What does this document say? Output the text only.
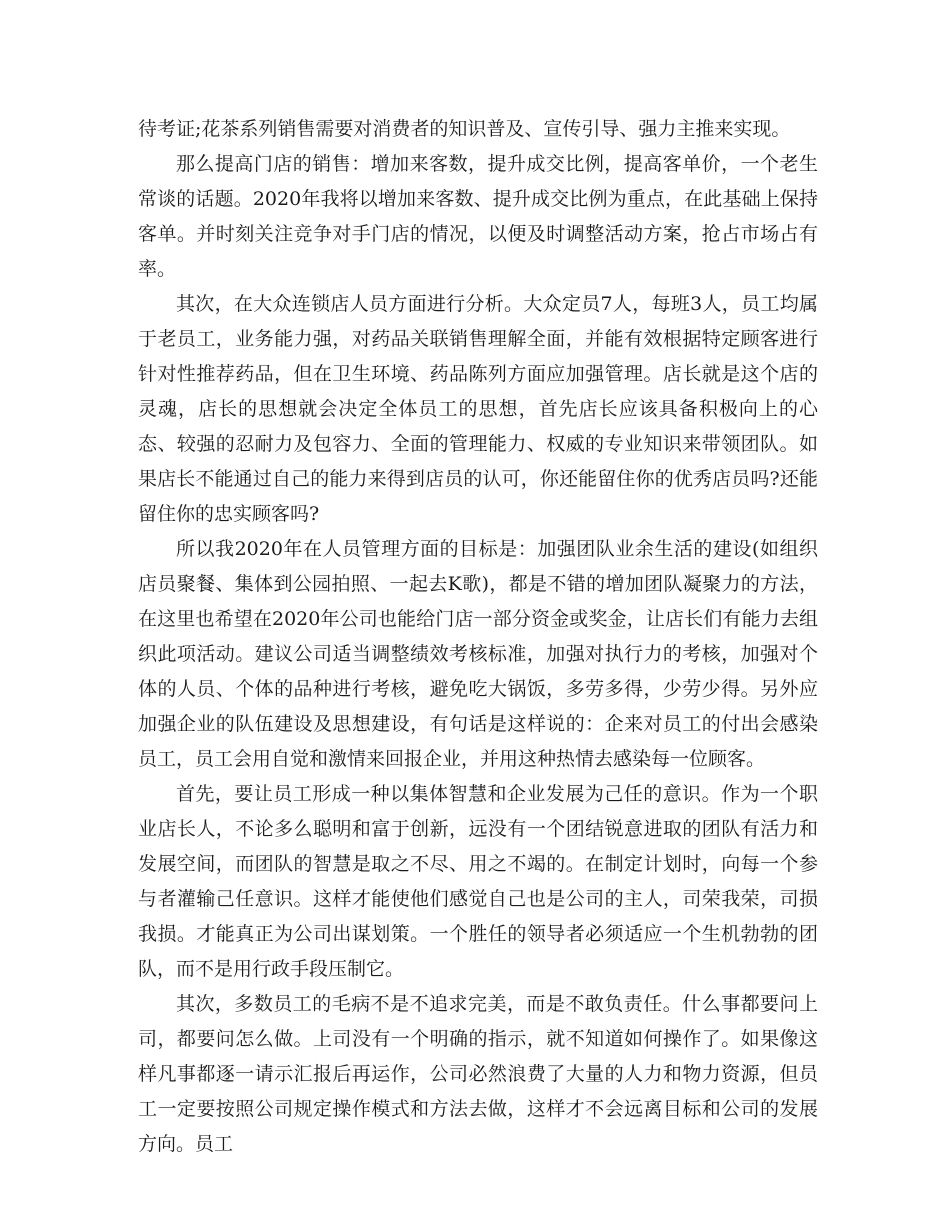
待考证;花茶系列销售需要对消费者的知识普及、宣传引导、强力主推来实现。

那么提高门店的销售：增加来客数，提升成交比例，提高客单价，一个老生常谈的话题。2020年我将以增加来客数、提升成交比例为重点，在此基础上保持客单。并时刻关注竞争对手门店的情况，以便及时调整活动方案，抢占市场占有率。

其次，在大众连锁店人员方面进行分析。大众定员7人，每班3人，员工均属于老员工，业务能力强，对药品关联销售理解全面，并能有效根据特定顾客进行针对性推荐药品，但在卫生环境、药品陈列方面应加强管理。店长就是这个店的灵魂，店长的思想就会决定全体员工的思想，首先店长应该具备积极向上的心态、较强的忍耐力及包容力、全面的管理能力、权威的专业知识来带领团队。如果店长不能通过自己的能力来得到店员的认可，你还能留住你的优秀店员吗?还能留住你的忠实顾客吗?

所以我2020年在人员管理方面的目标是：加强团队业余生活的建设(如组织店员聚餐、集体到公园拍照、一起去K歌)，都是不错的增加团队凝聚力的方法，在这里也希望在2020年公司也能给门店一部分资金或奖金，让店长们有能力去组织此项活动。建议公司适当调整绩效考核标准，加强对执行力的考核，加强对个体的人员、个体的品种进行考核，避免吃大锅饭，多劳多得，少劳少得。另外应加强企业的队伍建设及思想建设，有句话是这样说的：企来对员工的付出会感染员工，员工会用自觉和激情来回报企业，并用这种热情去感染每一位顾客。

首先，要让员工形成一种以集体智慧和企业发展为己任的意识。作为一个职业店长人，不论多么聪明和富于创新，远没有一个团结锐意进取的团队有活力和发展空间，而团队的智慧是取之不尽、用之不竭的。在制定计划时，向每一个参与者灌输己任意识。这样才能使他们感觉自己也是公司的主人，司荣我荣，司损我损。才能真正为公司出谋划策。一个胜任的领导者必须适应一个生机勃勃的团队，而不是用行政手段压制它。

其次，多数员工的毛病不是不追求完美，而是不敢负责任。什么事都要问上司，都要问怎么做。上司没有一个明确的指示，就不知道如何操作了。如果像这样凡事都逐一请示汇报后再运作，公司必然浪费了大量的人力和物力资源，但员工一定要按照公司规定操作模式和方法去做，这样才不会远离目标和公司的发展方向。员工
